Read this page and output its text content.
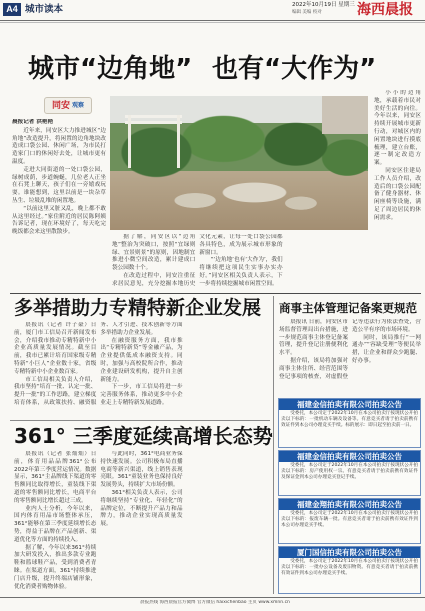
A4 城市读本	2022年10月19日 星期三
编辑 美编 校对	海西晨报
城市“边角地” 也有“大作为”
同安 观察
晨报记者 洪艳艳

近年来，同安区大力推进城区“边角地”改造提升，将闲置的边角地块改造成口袋公园、休闲广场，为市民打造家门口的休闲好去处，让城市更有温度。

走进大同街道的一处口袋公园，绿树成荫，步道蜿蜒，几位老人正坐在石凳上聊天，孩子们在一旁嬉戏玩耍。谁能想到，这里以前是一块杂草丛生、垃圾乱堆的闲置地。

“以前这里又脏又乱，晚上都不敢从这里经过。”家住附近的居民陈阿姨告诉记者，现在环境好了，每天吃完晚饭都会来这里散散步。

小小的边角地，承载着市民对美好生活的向往。今年以来，同安区持续开展城市更新行动，对城区内的闲置地块进行摸底梳理，建立台账，逐一制定改造方案。

同安区住建局工作人员介绍，改造后的口袋公园配备了健身器材、休闲座椅等设施，满足了周边居民的休闲需求。

据了解，同安区以“边角地”整治为突破口，按照“宜绿则绿、宜景则景”的原则，因地制宜推进小微空间改造，累计建成口袋公园数十个。

在改造过程中，同安注重征求居民意见，充分挖掘本地历史文化元素，让每一处口袋公园都各具特色，成为展示城市形象的新窗口。

“‘边角地’也有‘大作为’，我们将继续把这项民生实事办实办好。”同安区相关负责人表示，下一步将持续挖掘城市闲置空间。

多举措助力专精特新企业发展

晨报讯（记者 许子豪）日前，厦门市工信局召开新闻发布会，介绍我市推动专精特新中小企业高质量发展情况。截至目前，我市已累计培育国家级专精特新“小巨人”企业数十家，省级专精特新中小企业数百家。

市工信局相关负责人介绍，我市坚持“培育一批、认定一批、提升一批”的工作思路，建立梯度培育体系，从政策扶持、融资服务、人才引进、技术创新等方面多举措助力企业发展。

在融资服务方面，我市推出“专精特新贷”等金融产品，为企业提供低成本融资支持。同时，加强与高校院所合作，推动企业建设研发机构，提升自主创新能力。

下一步，市工信局将进一步完善服务体系，推动更多中小企业走上专精特新发展道路。

商事主体管理记备案更规范

晨报讯 日前，同安区市场监督管理局出台措施，进一步规范商事主体登记备案管理，提升登记注册便利化水平。

据介绍，该局将加强对商事主体住所、经营范围等登记事项的核查，对虚假登记等违法行为依法查处，营造公平有序的市场环境。

同时，该局推行“一网通办”“容缺受理”等便民举措，让企业和群众少跑腿、好办事。

361° 三季度延续高增长态势

晨报讯（记者 张灿灿）日前，体育用品品牌361°公布2022年第三季度营运情况。数据显示，361°主品牌线下渠道的零售额同比取得增长，童装线下渠道的零售额同比增长，电商平台的零售额同比增长超过三成。

业内人士分析，今年以来，国内体育用品市场整体承压，361°能够在第三季度延续增长态势，得益于品牌在产品创新、渠道优化等方面的持续投入。

据了解，今年以来361°持续加大研发投入，推出多款专业跑鞋和篮球鞋产品，受到消费者青睐。在渠道方面，361°持续推进门店升级，提升终端店铺形象，优化消费者购物体验。

与此同时，361°电商业务保持快速发展。公司积极布局直播电商等新兴渠道，线上销售表现亮眼。361°童装业务也保持良好发展势头，持续扩大市场份额。

361°相关负责人表示，公司将继续坚持“专业化、年轻化”的品牌定位，不断提升产品力和品牌力，推动企业实现高质量发展。

福建金信拍卖有限公司拍卖公告
受委托，本公司定于2022年10月在本公司拍卖厅按现状公开拍卖以下标的：一批机动车辆及设备等。有意竞买者请于拍卖前携有效证件到本公司办理竞买手续。标的展示：即日起至拍卖前一日。
福建金信拍卖有限公司拍卖公告
受委托，本公司定于2022年10月在本公司拍卖厅按现状公开拍卖以下标的：房产使用权一宗。有意竞买者请于拍卖前携有效证件及保证金到本公司办理竞买登记手续。
福建金翔拍卖有限公司拍卖公告
受委托，本公司定于2022年10月在本公司拍卖厅按现状公开拍卖以下标的：报废车辆一批。有意竞买者请于拍卖前携有效证件到本公司办理竞买手续。
厦门国信拍卖有限公司拍卖公告
受委托，本公司定于2022年10月在本公司拍卖厅按现状公开拍卖以下标的：一批办公设备及废旧物资。有意竞买者请于拍卖前携有效证件到本公司办理竞买手续。
晨报热线 海西晨报官方微博 官方微信 haixichenbao 主页 www.xmnn.cn
